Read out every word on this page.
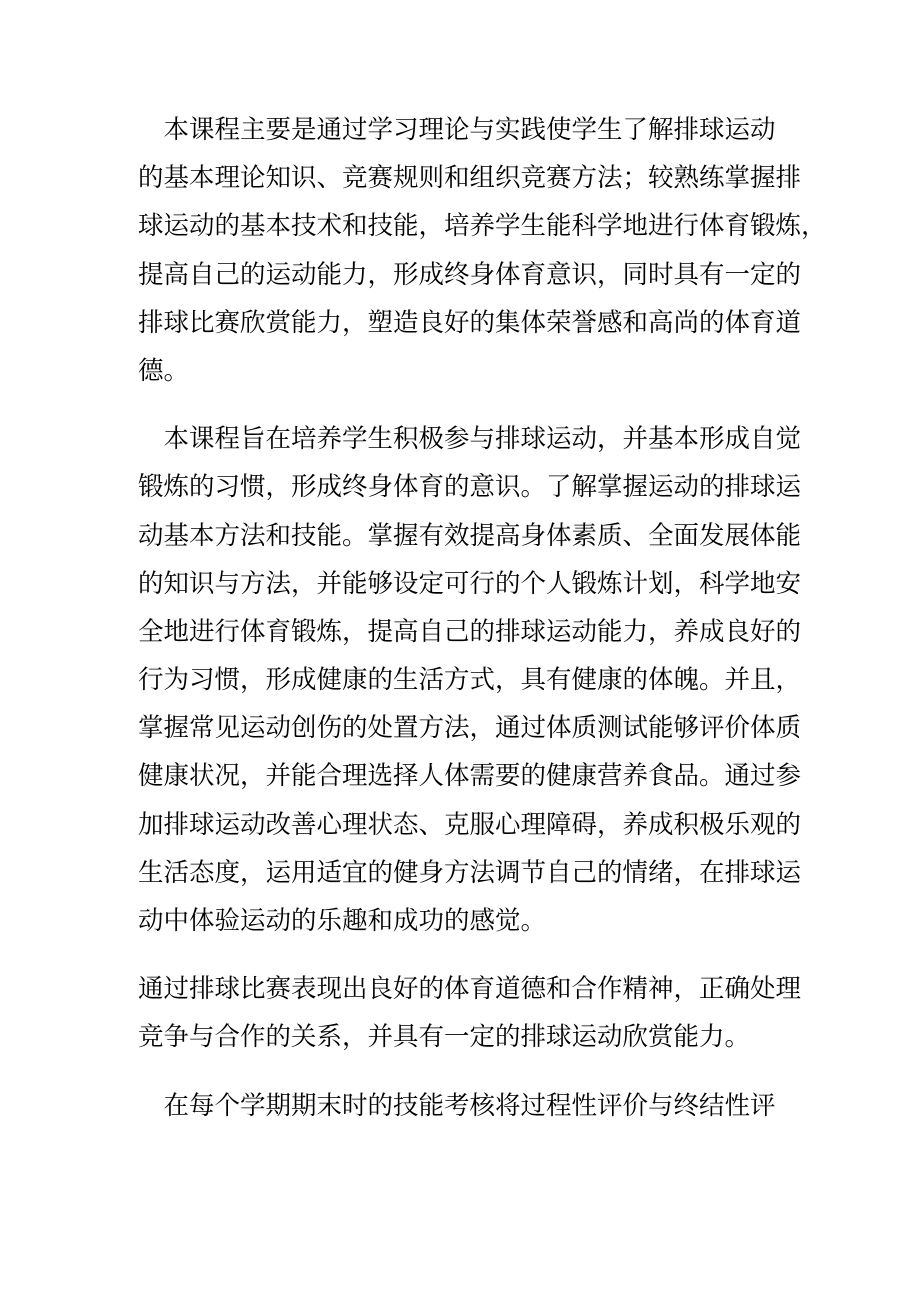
　本课程主要是通过学习理论与实践使学生了解排球运动
的基本理论知识、竞赛规则和组织竞赛方法；较熟练掌握排
球运动的基本技术和技能，培养学生能科学地进行体育锻炼，
提高自己的运动能力，形成终身体育意识，同时具有一定的
排球比赛欣赏能力，塑造良好的集体荣誉感和高尚的体育道
德。
　本课程旨在培养学生积极参与排球运动，并基本形成自觉
锻炼的习惯，形成终身体育的意识。了解掌握运动的排球运
动基本方法和技能。掌握有效提高身体素质、全面发展体能
的知识与方法，并能够设定可行的个人锻炼计划，科学地安
全地进行体育锻炼，提高自己的排球运动能力，养成良好的
行为习惯，形成健康的生活方式，具有健康的体魄。并且，
掌握常见运动创伤的处置方法，通过体质测试能够评价体质
健康状况，并能合理选择人体需要的健康营养食品。通过参
加排球运动改善心理状态、克服心理障碍，养成积极乐观的
生活态度，运用适宜的健身方法调节自己的情绪，在排球运
动中体验运动的乐趣和成功的感觉。
通过排球比赛表现出良好的体育道德和合作精神，正确处理
竞争与合作的关系，并具有一定的排球运动欣赏能力。
　在每个学期期末时的技能考核将过程性评价与终结性评
